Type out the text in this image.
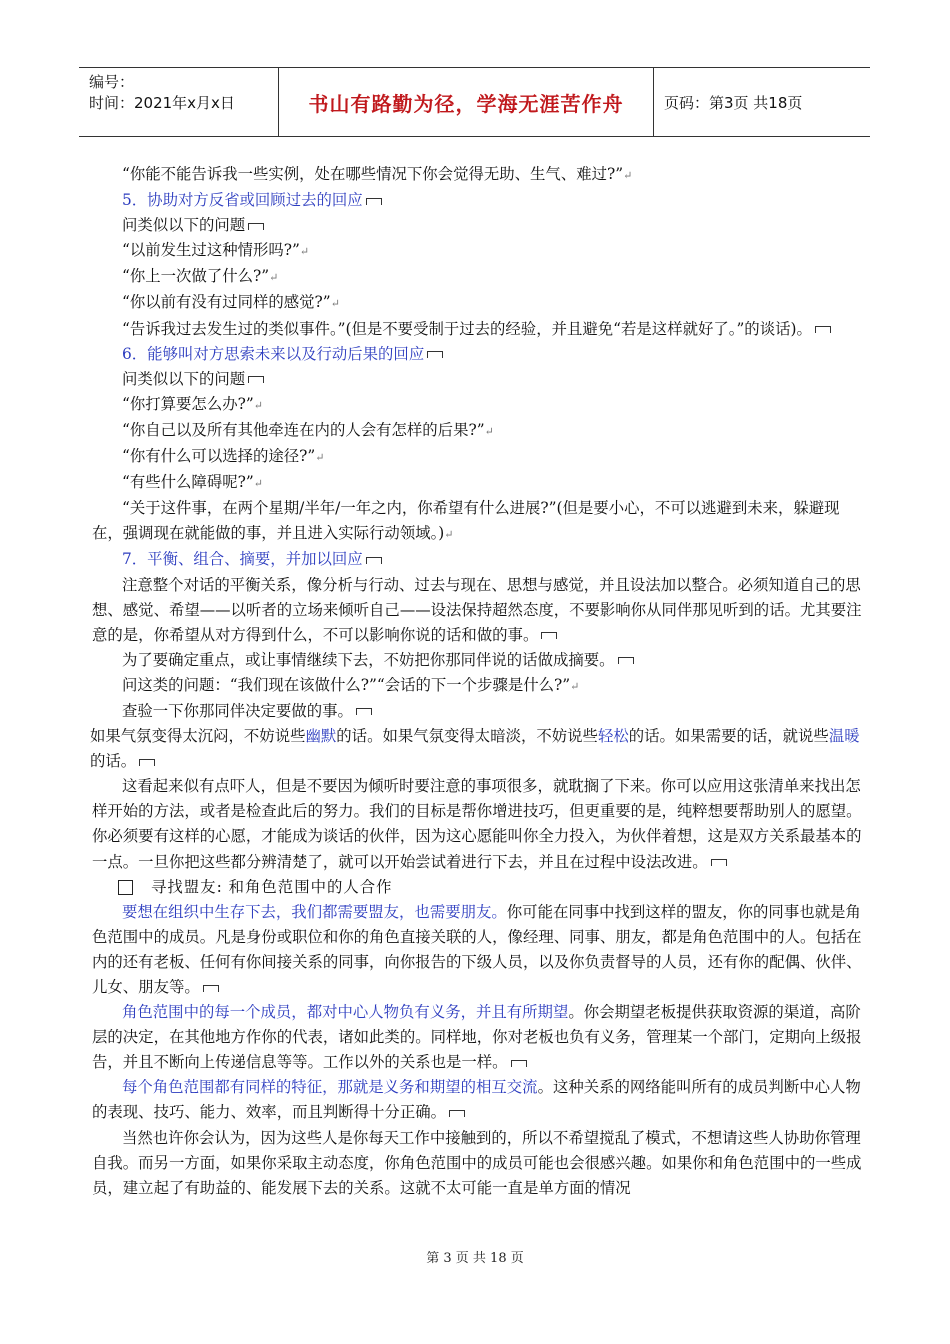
编号：
时间：2021年x月x日	书山有路勤为径，学海无涯苦作舟	页码：第3页 共18页

“你能不能告诉我一些实例，处在哪些情况下你会觉得无助、生气、难过?”↵

5．协助对方反省或回顾过去的回应

问类似以下的问题

“以前发生过这种情形吗?”↵

“你上一次做了什么?”↵

“你以前有没有过同样的感觉?”↵

“告诉我过去发生过的类似事件。”(但是不要受制于过去的经验，并且避免“若是这样就好了。”的谈话)。

6．能够叫对方思索未来以及行动后果的回应

问类似以下的问题

“你打算要怎么办?”↵

“你自己以及所有其他牵连在内的人会有怎样的后果?”↵

“你有什么可以选择的途径?”↵

“有些什么障碍呢?”↵

“关于这件事，在两个星期/半年/一年之内，你希望有什么进展?”(但是要小心，不可以逃避到未来，躲避现在，强调现在就能做的事，并且进入实际行动领域。)↵

7．平衡、组合、摘要，并加以回应

注意整个对话的平衡关系，像分析与行动、过去与现在、思想与感觉，并且设法加以整合。必须知道自己的思想、感觉、希望——以听者的立场来倾听自己——设法保持超然态度，不要影响你从同伴那见听到的话。尤其要注意的是，你希望从对方得到什么，不可以影响你说的话和做的事。

为了要确定重点，或让事情继续下去，不妨把你那同伴说的话做成摘要。

问这类的问题：“我们现在该做什么?”“会话的下一个步骤是什么?”↵

查验一下你那同伴决定要做的事。

如果气氛变得太沉闷，不妨说些幽默的话。如果气氛变得太暗淡，不妨说些轻松的话。如果需要的话，就说些温暖的话。

这看起来似有点吓人，但是不要因为倾听时要注意的事项很多，就耽搁了下来。你可以应用这张清单来找出怎样开始的方法，或者是检查此后的努力。我们的目标是帮你增进技巧，但更重要的是，纯粹想要帮助别人的愿望。你必须要有这样的心愿，才能成为谈话的伙伴，因为这心愿能叫你全力投入，为伙伴着想，这是双方关系最基本的一点。一旦你把这些都分辨清楚了，就可以开始尝试着进行下去，并且在过程中设法改进。

寻找盟友: 和角色范围中的人合作

要想在组织中生存下去，我们都需要盟友，也需要朋友。你可能在同事中找到这样的盟友，你的同事也就是角色范围中的成员。凡是身份或职位和你的角色直接关联的人，像经理、同事、朋友，都是角色范围中的人。包括在内的还有老板、任何有你间接关系的同事，向你报告的下级人员，以及你负责督导的人员，还有你的配偶、伙伴、儿女、朋友等。

角色范围中的每一个成员，都对中心人物负有义务，并且有所期望。你会期望老板提供获取资源的渠道，高阶层的决定，在其他地方作你的代表，诸如此类的。同样地，你对老板也负有义务，管理某一个部门，定期向上级报告，并且不断向上传递信息等等。工作以外的关系也是一样。

每个角色范围都有同样的特征，那就是义务和期望的相互交流。这种关系的网络能叫所有的成员判断中心人物的表现、技巧、能力、效率，而且判断得十分正确。

当然也许你会认为，因为这些人是你每天工作中接触到的，所以不希望搅乱了模式，不想请这些人协助你管理自我。而另一方面，如果你采取主动态度，你角色范围中的成员可能也会很感兴趣。如果你和角色范围中的一些成员，建立起了有助益的、能发展下去的关系。这就不太可能一直是单方面的情况

第 3 页 共 18 页
